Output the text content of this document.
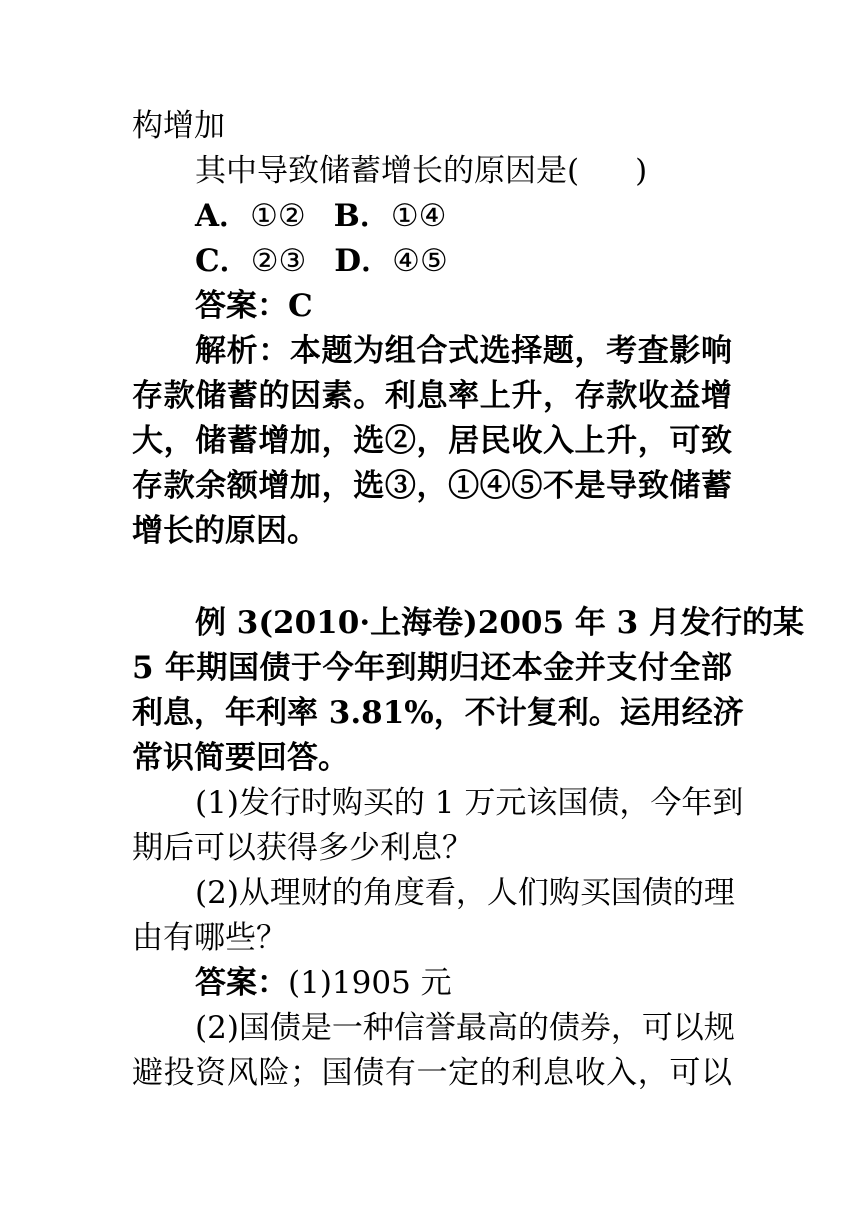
构增加
其中导致储蓄增长的原因是( )
A．①② B．①④
C．②③ D．④⑤
答案：C
解析：本题为组合式选择题，考查影响
存款储蓄的因素。利息率上升，存款收益增
大，储蓄增加，选②，居民收入上升，可致
存款余额增加，选③，①④⑤不是导致储蓄
增长的原因。
例 3(2010·上海卷)2005 年 3 月发行的某
5 年期国债于今年到期归还本金并支付全部
利息，年利率 3.81%，不计复利。运用经济
常识简要回答。
(1)发行时购买的 1 万元该国债，今年到
期后可以获得多少利息？
(2)从理财的角度看，人们购买国债的理
由有哪些？
答案：(1)1905 元
(2)国债是一种信誉最高的债券，可以规
避投资风险；国债有一定的利息收入，可以
